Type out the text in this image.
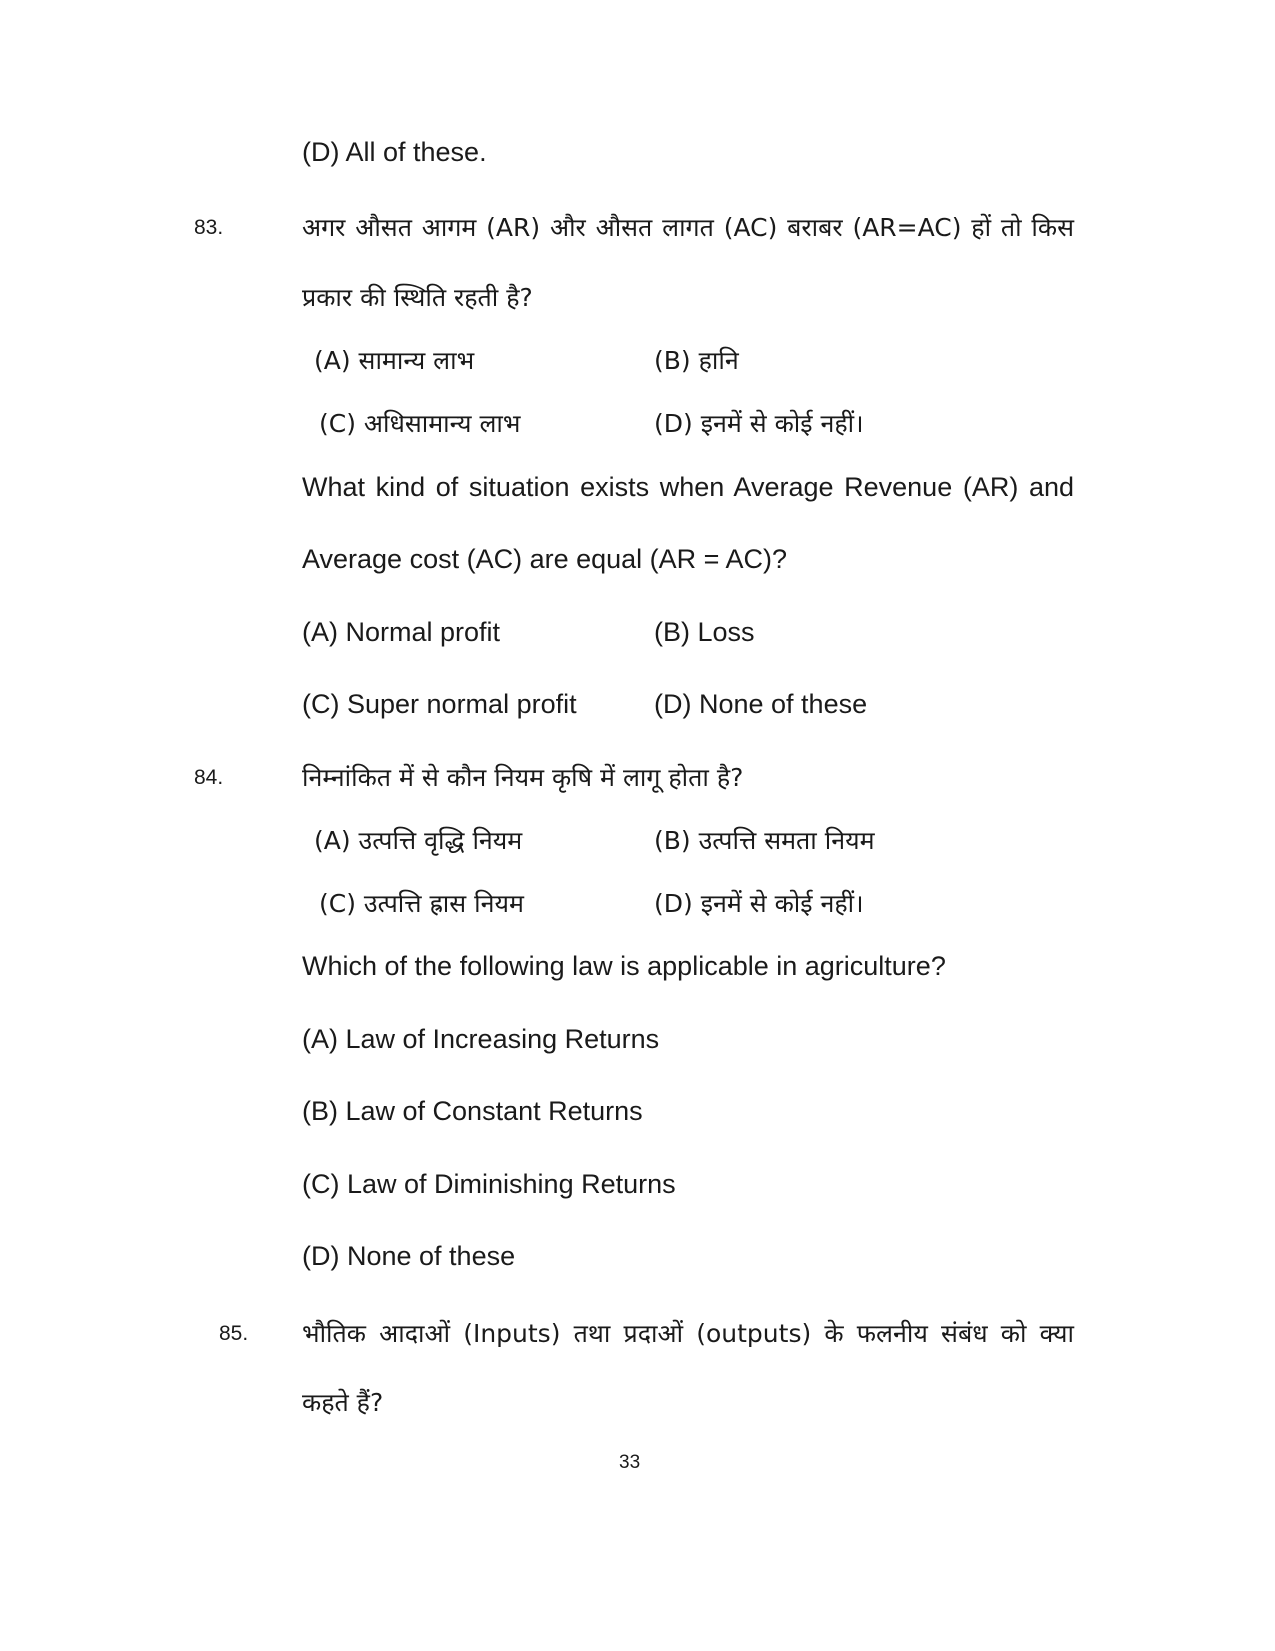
(D) All of these.
83.	अगर औसत आगम (AR) और औसत लागत (AC) बराबर (AR=AC) हों तो किस
प्रकार की स्थिति रहती है?
(A) सामान्य लाभ	(B) हानि
(C) अधिसामान्य लाभ	(D) इनमें से कोई नहीं।
What kind of situation exists when Average Revenue (AR) and
Average cost (AC) are equal (AR = AC)?
(A) Normal profit	(B) Loss
(C) Super normal profit	(D) None of these
84.	निम्नांकित में से कौन नियम कृषि में लागू होता है?
(A) उत्पत्ति वृद्धि नियम	(B) उत्पत्ति समता नियम
(C) उत्पत्ति ह्रास नियम	(D) इनमें से कोई नहीं।
Which of the following law is applicable in agriculture?
(A) Law of Increasing Returns
(B) Law of Constant Returns
(C) Law of Diminishing Returns
(D) None of these
85. भौतिक आदाओं (Inputs) तथा प्रदाओं (outputs) के फलनीय संबंध को क्या
कहते हैं?
33
